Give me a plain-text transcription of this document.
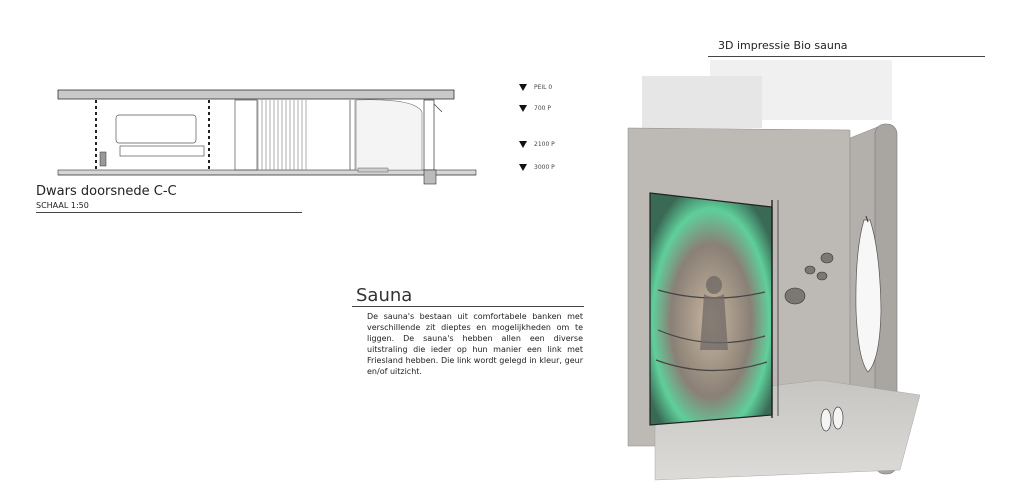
PEIL 0
700 P
2100 P
3000 P
Dwars doorsnede C-C
SCHAAL 1:50
3D impressie Bio sauna
Sauna

De sauna's bestaan uit comfortabele banken met verschillende zit dieptes en mogelijkheden om te liggen. De sauna's hebben allen een diverse uitstraling die ieder op hun manier een link met Friesland hebben. Die link wordt gelegd in kleur, geur en/of uitzicht.
